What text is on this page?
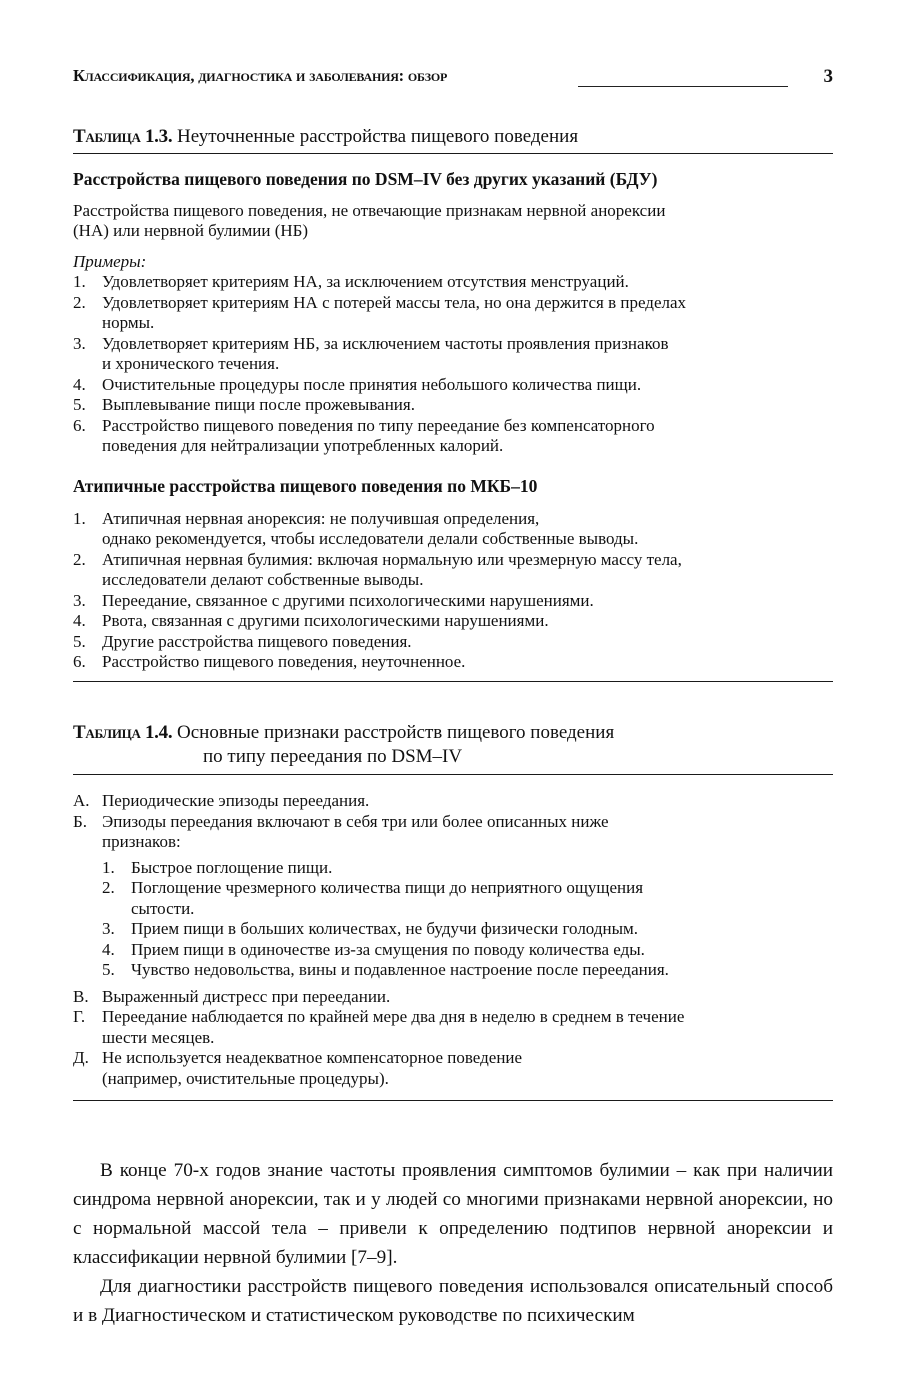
Классификация, диагностика и заболевания: обзор	3
Таблица 1.3. Неуточненные расстройства пищевого поведения
Расстройства пищевого поведения по DSM–IV без других указаний (БДУ)
Расстройства пищевого поведения, не отвечающие признакам нервной анорексии
(НА) или нервной булимии (НБ)
Примеры:
1. Удовлетворяет критериям НА, за исключением отсутствия менструаций.
2. Удовлетворяет критериям НА с потерей массы тела, но она держится в пределах
нормы.
3. Удовлетворяет критериям НБ, за исключением частоты проявления признаков
и хронического течения.
4. Очистительные процедуры после принятия небольшого количества пищи.
5. Выплевывание пищи после прожевывания.
6. Расстройство пищевого поведения по типу переедание без компенсаторного
поведения для нейтрализации употребленных калорий.
Атипичные расстройства пищевого поведения по МКБ–10
1. Атипичная нервная анорексия: не получившая определения,
однако рекомендуется, чтобы исследователи делали собственные выводы.
2. Атипичная нервная булимия: включая нормальную или чрезмерную массу тела,
исследователи делают собственные выводы.
3. Переедание, связанное с другими психологическими нарушениями.
4. Рвота, связанная с другими психологическими нарушениями.
5. Другие расстройства пищевого поведения.
6. Расстройство пищевого поведения, неуточненное.
Таблица 1.4. Основные признаки расстройств пищевого поведения
по типу переедания по DSM–IV
А. Периодические эпизоды переедания.
Б. Эпизоды переедания включают в себя три или более описанных ниже
признаков:
1. Быстрое поглощение пищи.
2. Поглощение чрезмерного количества пищи до неприятного ощущения
сытости.
3. Прием пищи в больших количествах, не будучи физически голодным.
4. Прием пищи в одиночестве из-за смущения по поводу количества еды.
5. Чувство недовольства, вины и подавленное настроение после переедания.
В. Выраженный дистресс при переедании.
Г. Переедание наблюдается по крайней мере два дня в неделю в среднем в течение
шести месяцев.
Д. Не используется неадекватное компенсаторное поведение
(например, очистительные процедуры).

В конце 70-х годов знание частоты проявления симптомов булимии – как при наличии синдрома нервной анорексии, так и у людей со многими признаками нервной анорексии, но с нормальной массой тела – привели к определению подтипов нервной анорексии и классификации нервной булимии [7–9].

Для диагностики расстройств пищевого поведения использовался описательный способ и в Диагностическом и статистическом руководстве по психическим
